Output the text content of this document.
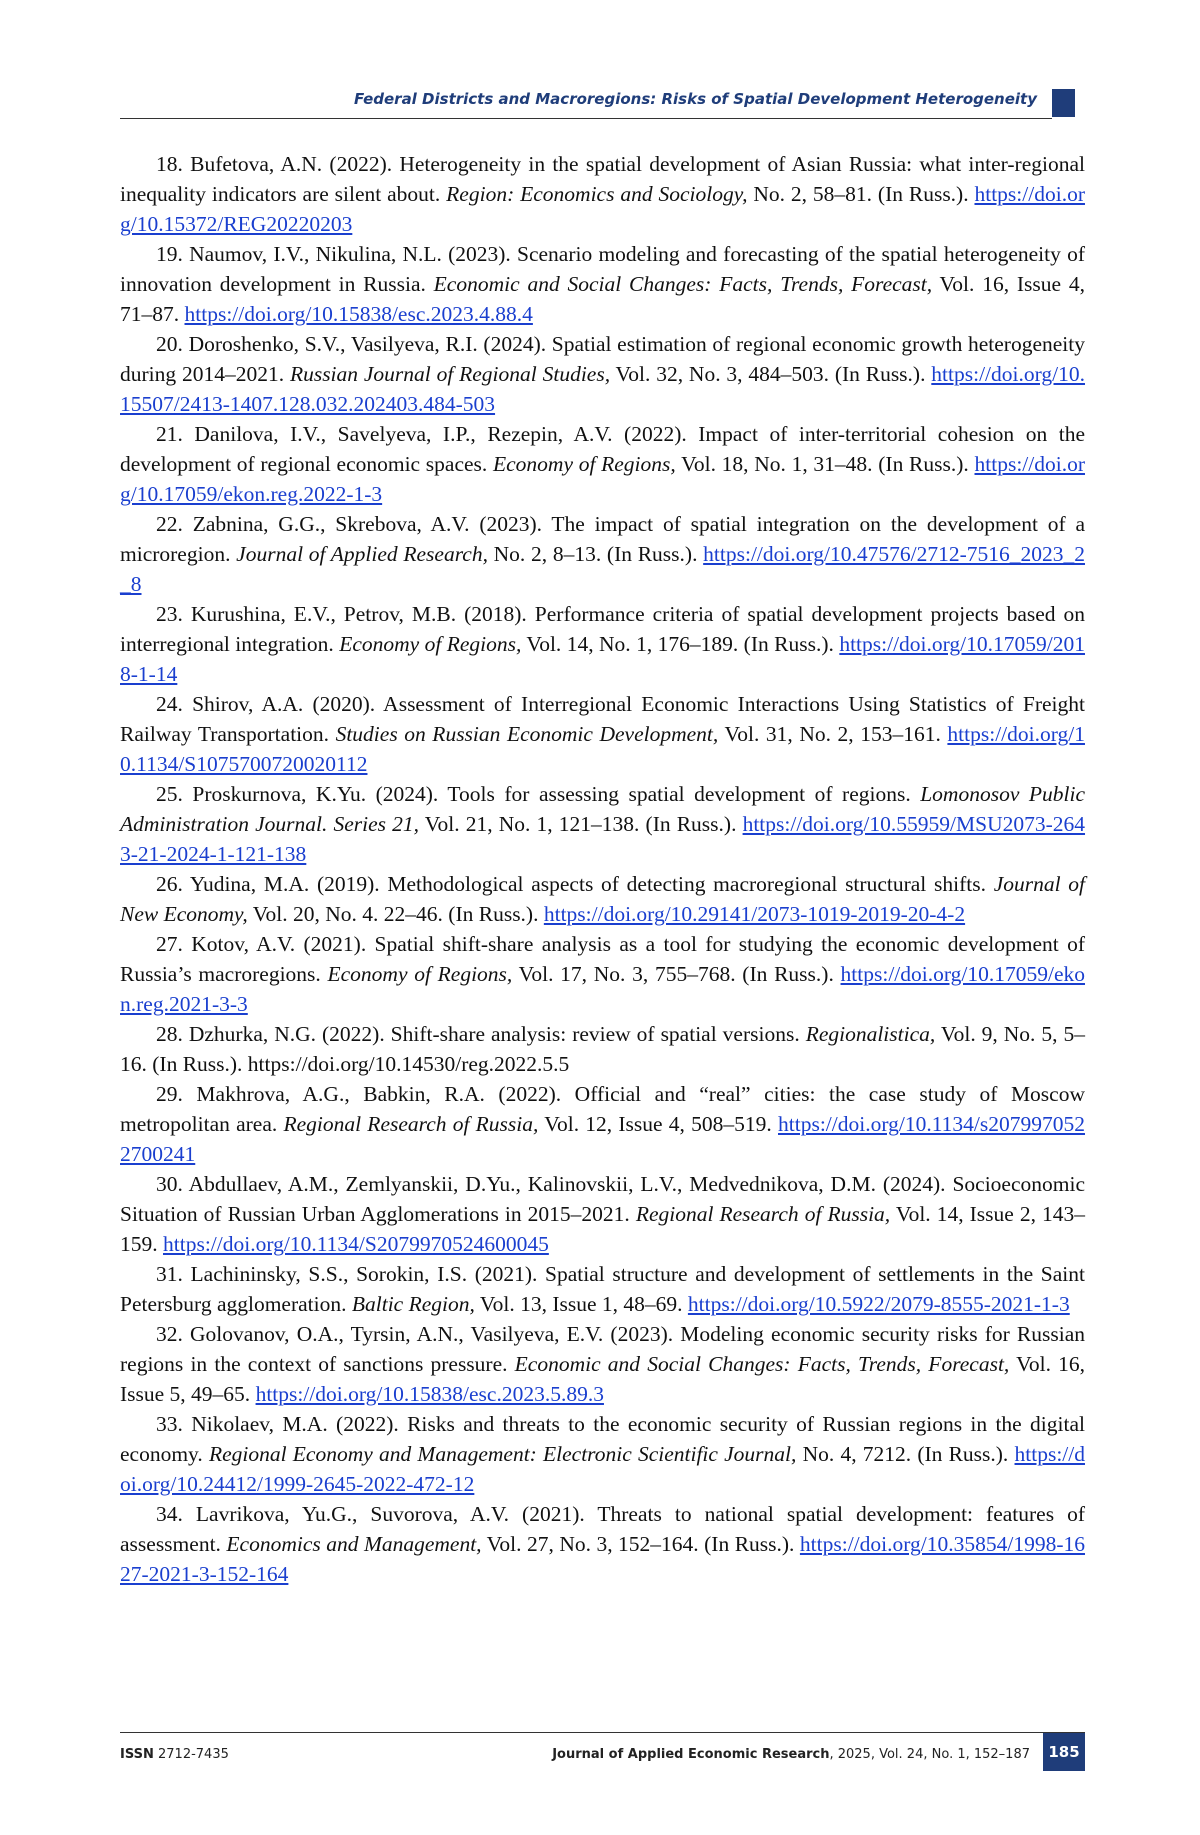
Federal Districts and Macroregions: Risks of Spatial Development Heterogeneity

18. Bufetova, A.N. (2022). Heterogeneity in the spatial development of Asian Russia: what inter-regional inequality indicators are silent about. Region: Economics and Sociology, No. 2, 58–81. (In Russ.). https://doi.org/10.15372/REG20220203

19. Naumov, I.V., Nikulina, N.L. (2023). Scenario modeling and forecasting of the spatial heterogeneity of innovation development in Russia. Economic and Social Changes: Facts, Trends, Forecast, Vol. 16, Issue 4, 71–87. https://doi.org/10.15838/esc.2023.4.88.4

20. Doroshenko, S.V., Vasilyeva, R.I. (2024). Spatial estimation of regional economic growth heterogeneity during 2014–2021. Russian Journal of Regional Studies, Vol. 32, No. 3, 484–503. (In Russ.). https://doi.org/10.15507/2413-1407.128.032.202403.484-503

21. Danilova, I.V., Savelyeva, I.P., Rezepin, A.V. (2022). Impact of inter-territorial cohesion on the development of regional economic spaces. Economy of Regions, Vol. 18, No. 1, 31–48. (In Russ.). https://doi.org/10.17059/ekon.reg.2022-1-3

22. Zabnina, G.G., Skrebova, A.V. (2023). The impact of spatial integration on the development of a microregion. Journal of Applied Research, No. 2, 8–13. (In Russ.). https://doi.org/10.47576/2712-7516_2023_2_8

23. Kurushina, E.V., Petrov, M.B. (2018). Performance criteria of spatial development projects based on interregional integration. Economy of Regions, Vol. 14, No. 1, 176–189. (In Russ.). https://doi.org/10.17059/2018-1-14

24. Shirov, A.A. (2020). Assessment of Interregional Economic Interactions Using Statistics of Freight Railway Transportation. Studies on Russian Economic Development, Vol. 31, No. 2, 153–161. https://doi.org/10.1134/S1075700720020112

25. Proskurnova, K.Yu. (2024). Tools for assessing spatial development of regions. Lomonosov Public Administration Journal. Series 21, Vol. 21, No. 1, 121–138. (In Russ.). https://doi.org/10.55959/MSU2073-2643-21-2024-1-121-138

26. Yudina, M.A. (2019). Methodological aspects of detecting macroregional structural shifts. Journal of New Economy, Vol. 20, No. 4. 22–46. (In Russ.). https://doi.org/10.29141/2073-1019-2019-20-4-2

27. Kotov, A.V. (2021). Spatial shift-share analysis as a tool for studying the economic development of Russia’s macroregions. Economy of Regions, Vol. 17, No. 3, 755–768. (In Russ.). https://doi.org/10.17059/ekon.reg.2021-3-3

28. Dzhurka, N.G. (2022). Shift-share analysis: review of spatial versions. Regionalistica, Vol. 9, No. 5, 5–16. (In Russ.). https://doi.org/10.14530/reg.2022.5.5

29. Makhrova, A.G., Babkin, R.A. (2022). Official and “real” cities: the case study of Moscow metropolitan area. Regional Research of Russia, Vol. 12, Issue 4, 508–519. https://doi.org/10.1134/s2079970522700241

30. Abdullaev, A.M., Zemlyanskii, D.Yu., Kalinovskii, L.V., Medvednikova, D.M. (2024). Socioeconomic Situation of Russian Urban Agglomerations in 2015–2021. Regional Research of Russia, Vol. 14, Issue 2, 143–159. https://doi.org/10.1134/S2079970524600045

31. Lachininsky, S.S., Sorokin, I.S. (2021). Spatial structure and development of settlements in the Saint Petersburg agglomeration. Baltic Region, Vol. 13, Issue 1, 48–69. https://doi.org/10.5922/2079-8555-2021-1-3

32. Golovanov, O.A., Tyrsin, A.N., Vasilyeva, E.V. (2023). Modeling economic security risks for Russian regions in the context of sanctions pressure. Economic and Social Changes: Facts, Trends, Forecast, Vol. 16, Issue 5, 49–65. https://doi.org/10.15838/esc.2023.5.89.3

33. Nikolaev, M.A. (2022). Risks and threats to the economic security of Russian regions in the digital economy. Regional Economy and Management: Electronic Scientific Journal, No. 4, 7212. (In Russ.). https://doi.org/10.24412/1999-2645-2022-472-12

34. Lavrikova, Yu.G., Suvorova, A.V. (2021). Threats to national spatial development: features of assessment. Economics and Management, Vol. 27, No. 3, 152–164. (In Russ.). https://doi.org/10.35854/1998-1627-2021-3-152-164

ISSN 2712-7435	Journal of Applied Economic Research, 2025, Vol. 24, No. 1, 152–187	185
